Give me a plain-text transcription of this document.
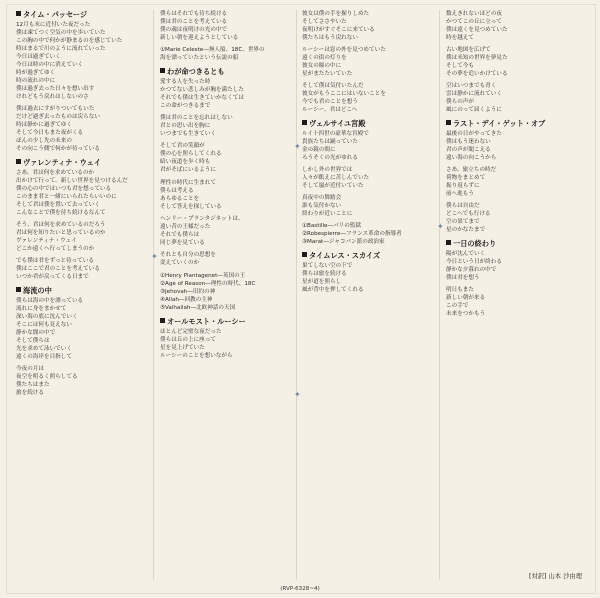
✦
✦
✦
✦
タイム・パッセージ
12月も末に近付いた夜だった
僕は凍てつく空気の中を歩いていた
この胸の中で何かが静まるのを感じていた
時はまるで川のように流れていった
今日は過ぎていく
今日は時の中に消えていく
時が過ぎてゆく
時の流れの中に
僕は過ぎ去った日々を想い出す
けれどもう戻れはしないのさ
僕は過去にすがりついてもいた
だけど過ぎ去ったものは戻らない
時は静かに過ぎてゆく
そして今日もまた夜がくる
ほんの少し先の未来の
その向こう側で何かが待っている
ヴァレンティナ・ウェイ
さあ、君は何を求めているのか
出かけて行って、新しい世界を見つけるんだ
僕の心の中ではいつも君を想っている
このまま君と一緒にいられたらいいのに
そして君は僕を置いて去っていく
こんなことで僕を待ち続けるなんて
そう、君は何を求めているのだろう
君は何を知りたいと思っているのか
ヴァレンティナ・ウェイ
どこか遠くへ行ってしまうのか
でも僕は君をずっと待っている
僕はここで君のことを考えている
いつか君が戻ってくる日まで
海流の中
僕らは海の中を漂っている
流れに身をまかせて
深い海の底に沈んでいく
そこには何も見えない
静かな闇の中で
そして僕らは
光を求めて泳いでいく
遠くの海岸を目指して
今夜の月は
夜空を明るく照らしてる
僕たちはまた
旅を続ける
僕らはそれでも待ち続ける
僕は君のことを考えている
僕の魂は夜明けの光の中で
新しい朝を迎えようとしている
①Marie Celeste―無人船、18C、世界の
海を漂っていたという伝説の船
わが命つきるとも
愛する人を失った時
かつてない悲しみが胸を満たした
それでも僕は生きていかなくては
この命がつきるまで
僕は君のことを忘れはしない
君との思い出を胸に
いつまでも生きていく
そして君の笑顔が
僕の心を照らしてくれる
暗い夜道を歩く時も
君がそばにいるように
理性の時代に生まれて
僕らは考える
あらゆることを
そして答えを探している
ヘンリー・プランタジネットは、
遠い昔の王様だった
それでも僕らは
同じ夢を見ている
それとも自分の思想を
変えていくのか
①Henry Plantagenet―英国の王
②Age of Reason―理性の時代、18C
③Jehovah―旧約の神
④Allah―回教の主神
⑤Valhallah―北欧神話の天国
オールモスト・ルーシー
ほとんど完璧な夜だった
僕らは丘の上に座って
星を見上げていた
ルーシーのことを想いながら
彼女は僕の手を握りしめた
そしてささやいた
夜明けがすぐそこに来ている
僕たちはもう戻れない
ルーシーは窓の外を見つめていた
遠くの街の灯りを
彼女の瞳の中に
星がまたたいていた
そして僕は気付いたんだ
彼女がもうここにはいないことを
今でも君のことを想う
ルーシー、君はどこへ
ヴェルサイユ宮殿
ルイ十四世の豪華な宮殿で
貴族たちは踊っていた
金の鏡の間に
ろうそくの光がゆれる
しかし外の世界では
人々が飢えに苦しんでいた
そして嵐が近付いていた
真夜中の舞踏会
誰も気付かない
終わりが近いことに
①Bastille―パリの監獄
②Robespierre―フランス革命の指導者
③Marat―ジャコバン派の政治家
タイムレス・スカイズ
果てしない空の下で
僕らは旅を続ける
星が道を照らし
風が背中を押してくれる
数えきれないほどの夜
かつてこの丘に立って
僕は遠くを見つめていた
時を越えて
古い地図を広げて
僕は未知の世界を夢見た
そして今も
その夢を追いかけている
空はいつまでも青く
雲は静かに流れていく
僕らの声が
風にのって届くように
ラスト・デイ・ゲット・オブ
最後の日がやってきた
僕はもう迷わない
君の声が聞こえる
遠い海の向こうから
さあ、旅立ちの時だ
荷物をまとめて
振り返らずに
前へ進もう
僕らは自由だ
どこへでも行ける
空の果てまで
星のかなたまで
一日の終わり
陽が沈んでいく
今日という日が終わる
静かな夕暮れの中で
僕は君を想う
明日もまた
新しい朝が来る
この手で
未来をつかもう
[対訳] 山本 沙由理
(RVP-6328~4)
